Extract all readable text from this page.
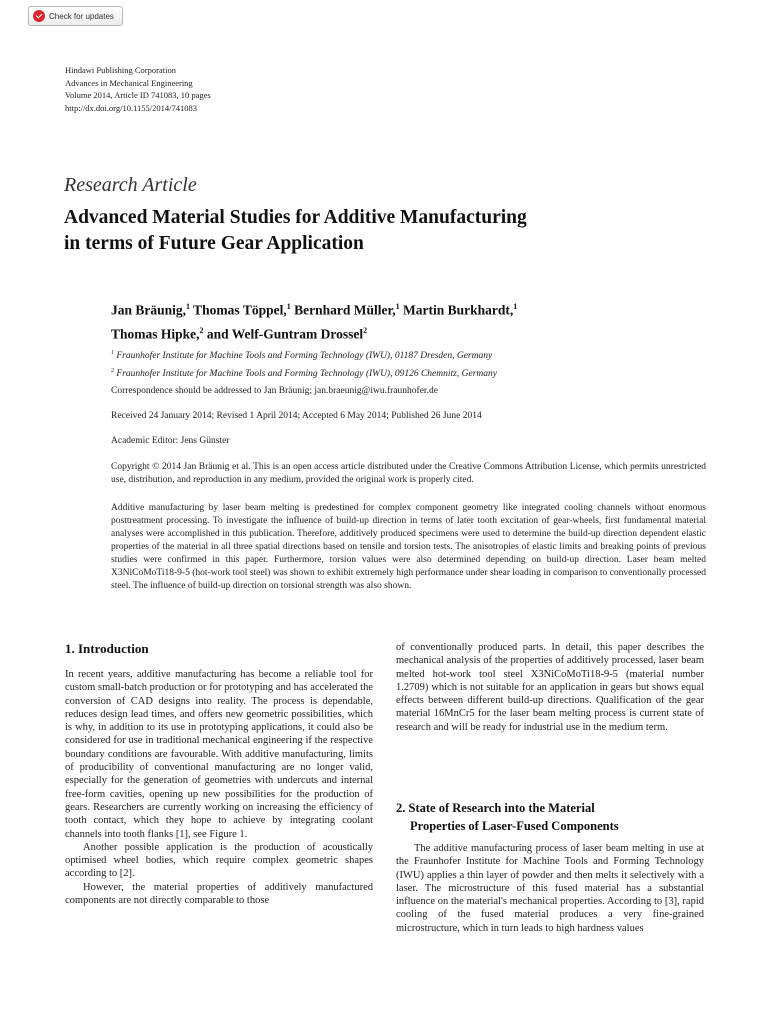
Check for updates
Hindawi Publishing Corporation
Advances in Mechanical Engineering
Volume 2014, Article ID 741083, 10 pages
http://dx.doi.org/10.1155/2014/741083
Research Article
Advanced Material Studies for Additive Manufacturing
in terms of Future Gear Application
Jan Bräunig,$^1$ Thomas Töppel,$^1$ Bernhard Müller,$^1$ Martin Burkhardt,$^1$
Thomas Hipke,$^2$ and Welf-Guntram Drossel$^2$
$^1$ Fraunhofer Institute for Machine Tools and Forming Technology (IWU), 01187 Dresden, Germany
$^2$ Fraunhofer Institute for Machine Tools and Forming Technology (IWU), 09126 Chemnitz, Germany
Correspondence should be addressed to Jan Bräunig; jan.braeunig@iwu.fraunhofer.de
Received 24 January 2014; Revised 1 April 2014; Accepted 6 May 2014; Published 26 June 2014
Academic Editor: Jens Günster
Copyright © 2014 Jan Bräunig et al. This is an open access article distributed under the Creative Commons Attribution License, which permits unrestricted use, distribution, and reproduction in any medium, provided the original work is properly cited.
Additive manufacturing by laser beam melting is predestined for complex component geometry like integrated cooling channels without enormous posttreatment processing. To investigate the influence of build-up direction in terms of later tooth excitation of gear-wheels, first fundamental material analyses were accomplished in this publication. Therefore, additively produced specimens were used to determine the build-up direction dependent elastic properties of the material in all three spatial directions based on tensile and torsion tests. The anisotropies of elastic limits and breaking points of previous studies were confirmed in this paper. Furthermore, torsion values were also determined depending on build-up direction. Laser beam melted X3NiCoMoTi18-9-5 (hot-work tool steel) was shown to exhibit extremely high performance under shear loading in comparison to conventionally processed steel. The influence of build-up direction on torsional strength was also shown.
1. Introduction

In recent years, additive manufacturing has become a reliable tool for custom small-batch production or for prototyping and has accelerated the conversion of CAD designs into reality. The process is dependable, reduces design lead times, and offers new geometric possibilities, which is why, in addition to its use in prototyping applications, it could also be considered for use in traditional mechanical engineering if the respective boundary conditions are favourable. With additive manufacturing, limits of producibility of conventional manufacturing are no longer valid, especially for the generation of geometries with undercuts and internal free-form cavities, opening up new possibilities for the production of gears. Researchers are currently working on increasing the efficiency of tooth contact, which they hope to achieve by integrating coolant channels into tooth flanks [1], see Figure 1.

Another possible application is the production of acoustically optimised wheel bodies, which require complex geometric shapes according to [2].

However, the material properties of additively manufactured components are not directly comparable to those

of conventionally produced parts. In detail, this paper describes the mechanical analysis of the properties of additively processed, laser beam melted hot-work tool steel X3NiCoMoTi18-9-5 (material number 1.2709) which is not suitable for an application in gears but shows equal effects between different build-up directions. Qualification of the gear material 16MnCr5 for the laser beam melting process is current state of research and will be ready for industrial use in the medium term.

2. State of Research into the Material
Properties of Laser-Fused Components

The additive manufacturing process of laser beam melting in use at the Fraunhofer Institute for Machine Tools and Forming Technology (IWU) applies a thin layer of powder and then melts it selectively with a laser. The microstructure of this fused material has a substantial influence on the material's mechanical properties. According to [3], rapid cooling of the fused material produces a very fine-grained microstructure, which in turn leads to high hardness values
